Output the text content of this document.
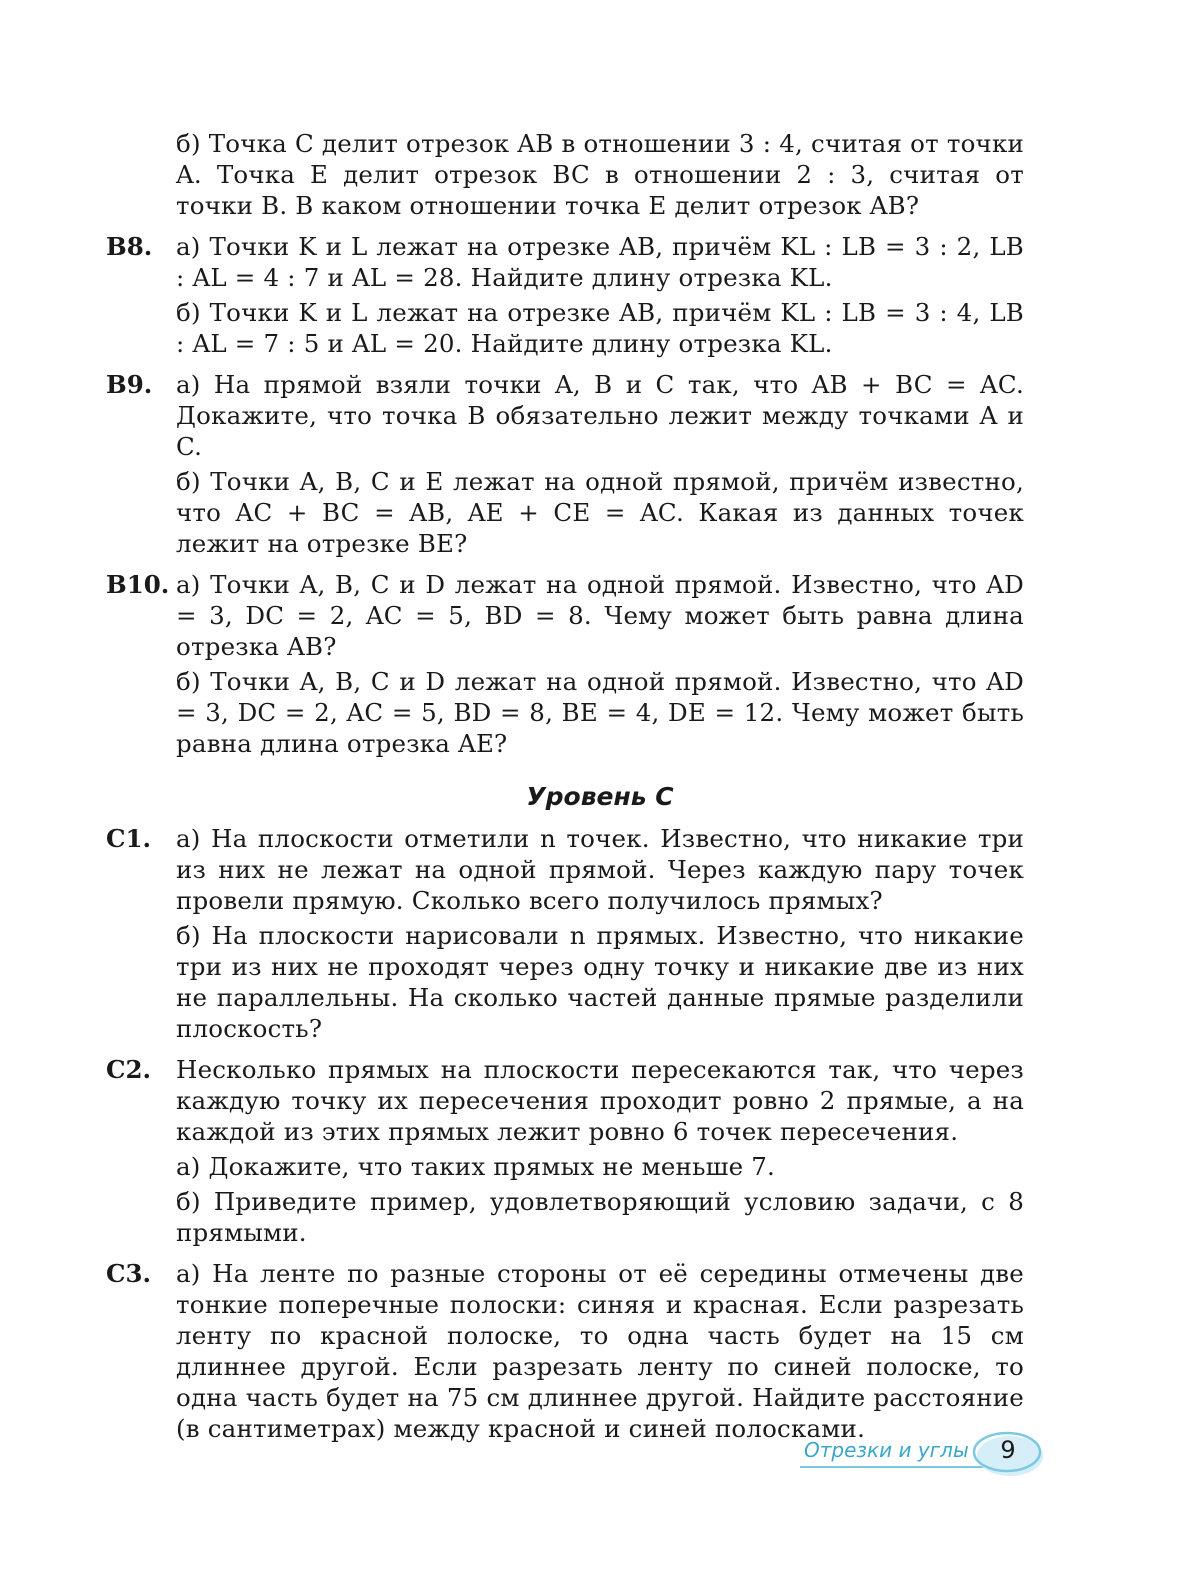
б) Точка C делит отрезок AB в отношении 3 : 4, считая от точки A. Точка E делит отрезок BC в отношении 2 : 3, считая от точки B. В каком отношении точка E делит отрезок AB?

B8. а) Точки K и L лежат на отрезке AB, причём KL : LB = 3 : 2, LB : AL = 4 : 7 и AL = 28. Найдите длину отрезка KL.

б) Точки K и L лежат на отрезке AB, причём KL : LB = 3 : 4, LB : AL = 7 : 5 и AL = 20. Найдите длину отрезка KL.

B9. а) На прямой взяли точки A, B и C так, что AB + BC = AC. Докажите, что точка B обязательно лежит между точками A и C.

б) Точки A, B, C и E лежат на одной прямой, причём известно, что AC + BC = AB, AE + CE = AC. Какая из данных точек лежит на отрезке BE?

B10. а) Точки A, B, C и D лежат на одной прямой. Известно, что AD = 3, DC = 2, AC = 5, BD = 8. Чему может быть равна длина отрезка AB?

б) Точки A, B, C и D лежат на одной прямой. Известно, что AD = 3, DC = 2, AC = 5, BD = 8, BE = 4, DE = 12. Чему может быть равна длина отрезка AE?

Уровень C
C1. а) На плоскости отметили n точек. Известно, что никакие три из них не лежат на одной прямой. Через каждую пару точек провели прямую. Сколько всего получилось прямых?

б) На плоскости нарисовали n прямых. Известно, что никакие три из них не проходят через одну точку и никакие две из них не параллельны. На сколько частей данные прямые разделили плоскость?

C2. Несколько прямых на плоскости пересекаются так, что через каждую точку их пересечения проходит ровно 2 прямые, а на каждой из этих прямых лежит ровно 6 точек пересечения.

а) Докажите, что таких прямых не меньше 7.

б) Приведите пример, удовлетворяющий условию задачи, с 8 прямыми.

C3. а) На ленте по разные стороны от её середины отмечены две тонкие поперечные полоски: синяя и красная. Если разрезать ленту по красной полоске, то одна часть будет на 15 см длиннее другой. Если разрезать ленту по синей полоске, то одна часть будет на 75 см длиннее другой. Найдите расстояние (в сантиметрах) между красной и синей полосками.

Отрезки и углы	9
